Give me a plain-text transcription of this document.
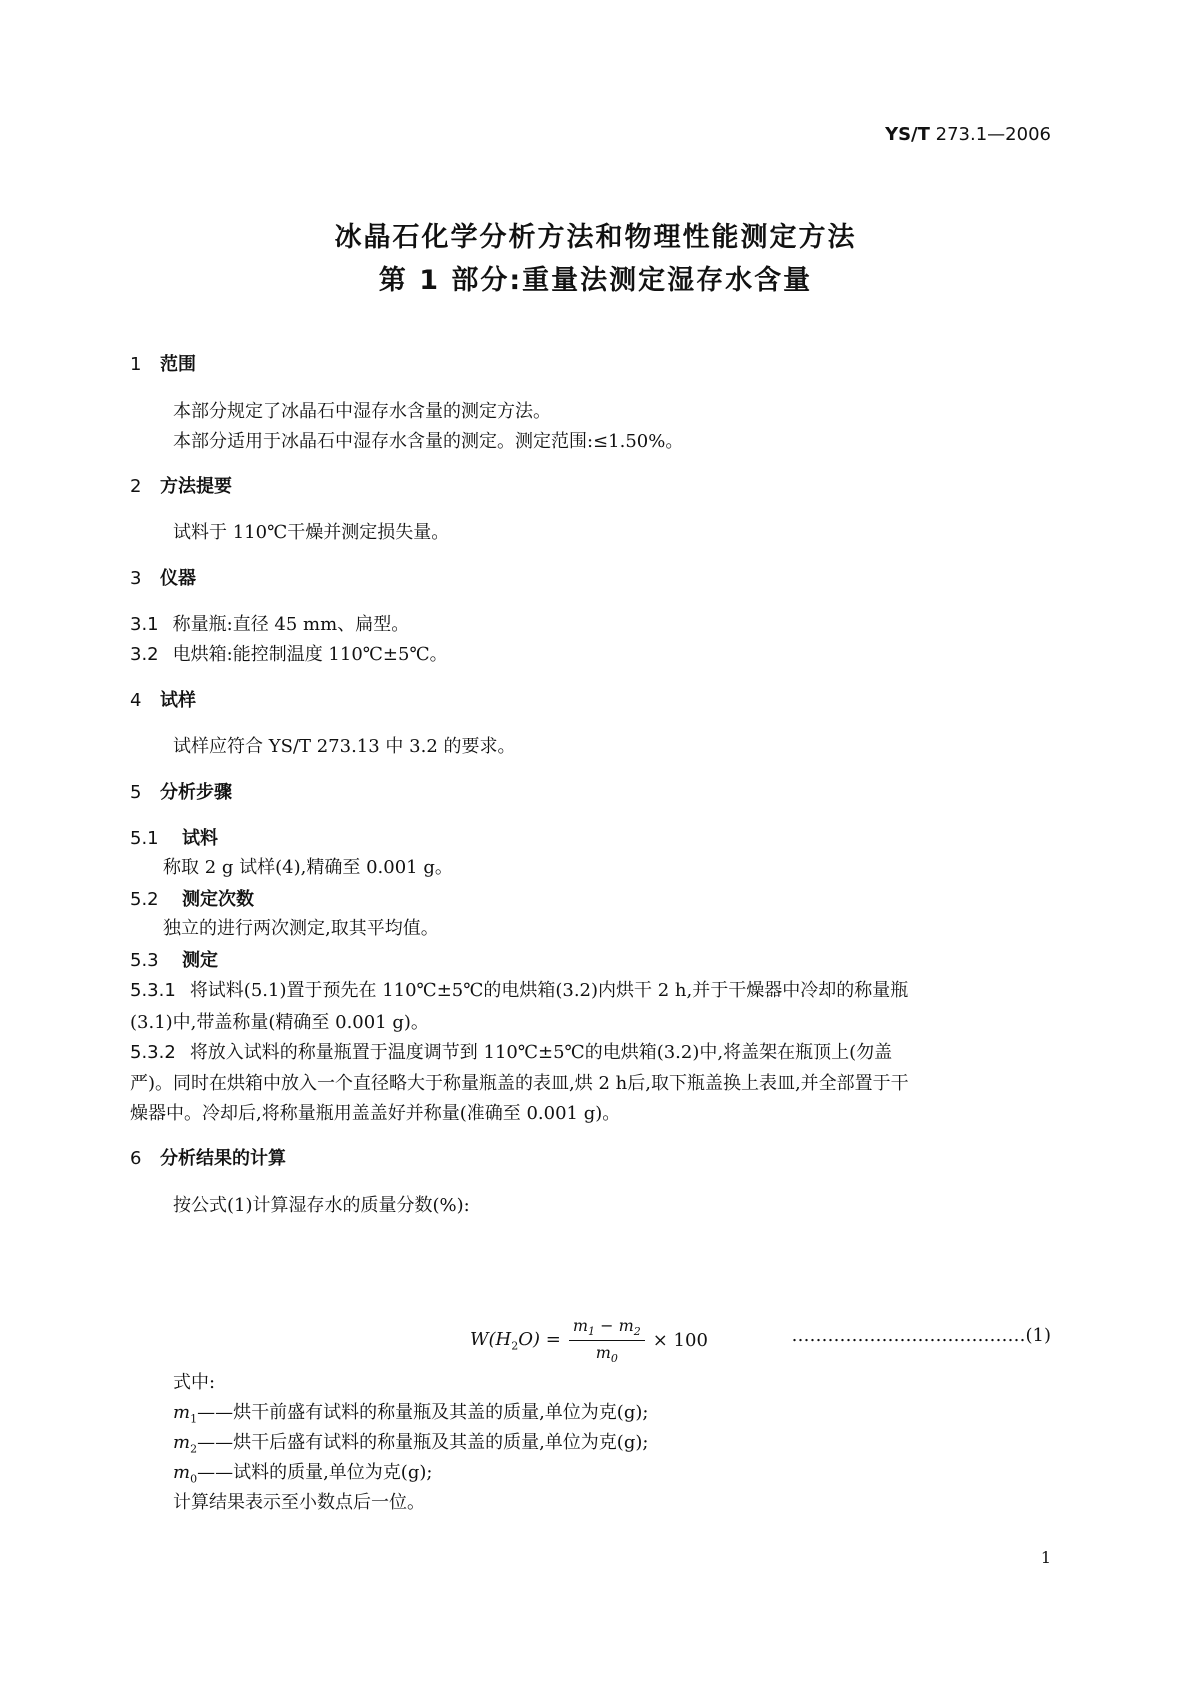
YS/T 273.1—2006
冰晶石化学分析方法和物理性能测定方法
第 1 部分:重量法测定湿存水含量
1 范围
本部分规定了冰晶石中湿存水含量的测定方法。
本部分适用于冰晶石中湿存水含量的测定。测定范围:≤1.50%。
2 方法提要
试料于 110℃干燥并测定损失量。
3 仪器
3.1 称量瓶:直径 45 mm、扁型。
3.2 电烘箱:能控制温度 110℃±5℃。
4 试样
试样应符合 YS/T 273.13 中 3.2 的要求。
5 分析步骤
5.1 试料
称取 2 g 试样(4),精确至 0.001 g。
5.2 测定次数
独立的进行两次测定,取其平均值。
5.3 测定
5.3.1 将试料(5.1)置于预先在 110℃±5℃的电烘箱(3.2)内烘干 2 h,并于干燥器中冷却的称量瓶
(3.1)中,带盖称量(精确至 0.001 g)。
5.3.2 将放入试料的称量瓶置于温度调节到 110℃±5℃的电烘箱(3.2)中,将盖架在瓶顶上(勿盖
严)。同时在烘箱中放入一个直径略大于称量瓶盖的表皿,烘 2 h后,取下瓶盖换上表皿,并全部置于干
燥器中。冷却后,将称量瓶用盖盖好并称量(准确至 0.001 g)。
6 分析结果的计算
按公式(1)计算湿存水的质量分数(%):
$W(H_2O) = \frac{m_1 - m_2}{m_0} \times 100$	…………………………………(1)
式中:
$m_1——$烘干前盛有试料的称量瓶及其盖的质量,单位为克(g);
$m_2——$烘干后盛有试料的称量瓶及其盖的质量,单位为克(g);
$m_0——$试料的质量,单位为克(g);
计算结果表示至小数点后一位。
1
